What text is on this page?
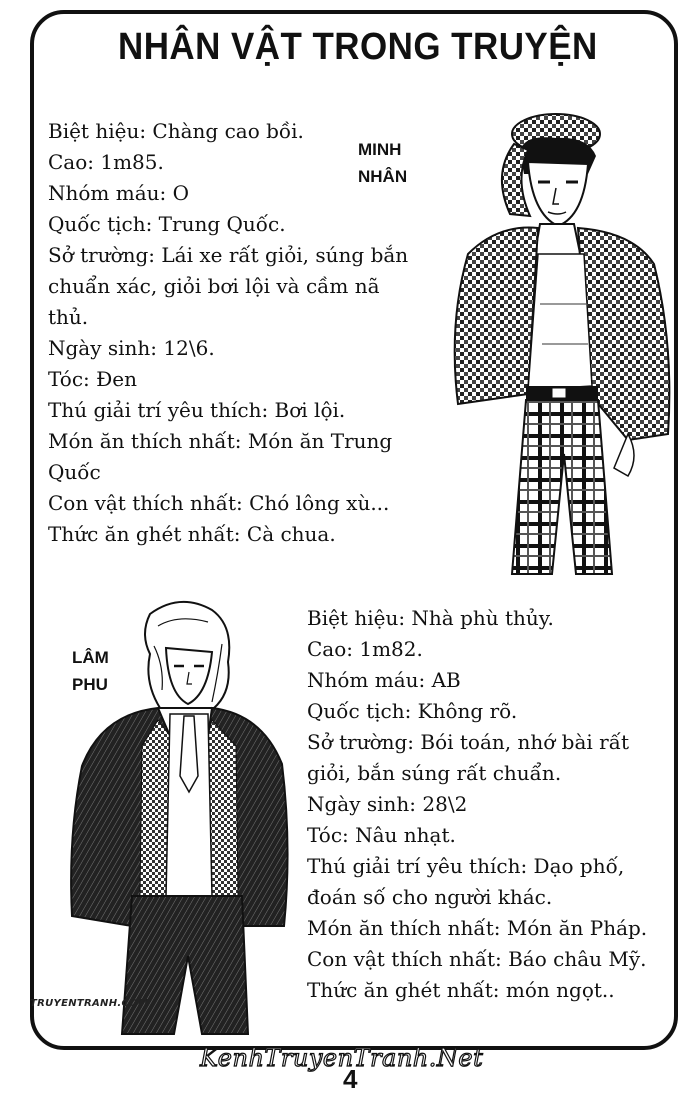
NHÂN VẬT TRONG TRUYỆN
Biệt hiệu: Chàng cao bồi.
Cao: 1m85.
Nhóm máu: O
Quốc tịch: Trung Quốc.
Sở trường: Lái xe rất giỏi, súng bắn
chuẩn xác, giỏi bơi lội và cầm nã
thủ.
Ngày sinh: 12\6.
Tóc: Đen
Thú giải trí yêu thích: Bơi lội.
Món ăn thích nhất: Món ăn Trung
Quốc
Con vật thích nhất: Chó lông xù...
Thức ăn ghét nhất: Cà chua.
MINH
NHÂN
LÂM
PHU
Biệt hiệu: Nhà phù thủy.
Cao: 1m82.
Nhóm máu: AB
Quốc tịch: Không rõ.
Sở trường: Bói toán, nhớ bài rất
giỏi, bắn súng rất chuẩn.
Ngày sinh: 28\2
Tóc: Nâu nhạt.
Thú giải trí yêu thích: Dạo phố,
đoán số cho người khác.
Món ăn thích nhất: Món ăn Pháp.
Con vật thích nhất: Báo châu Mỹ.
Thức ăn ghét nhất: món ngọt..
TRUYENTRANH.COM
KenhTruyenTranh.Net
4
